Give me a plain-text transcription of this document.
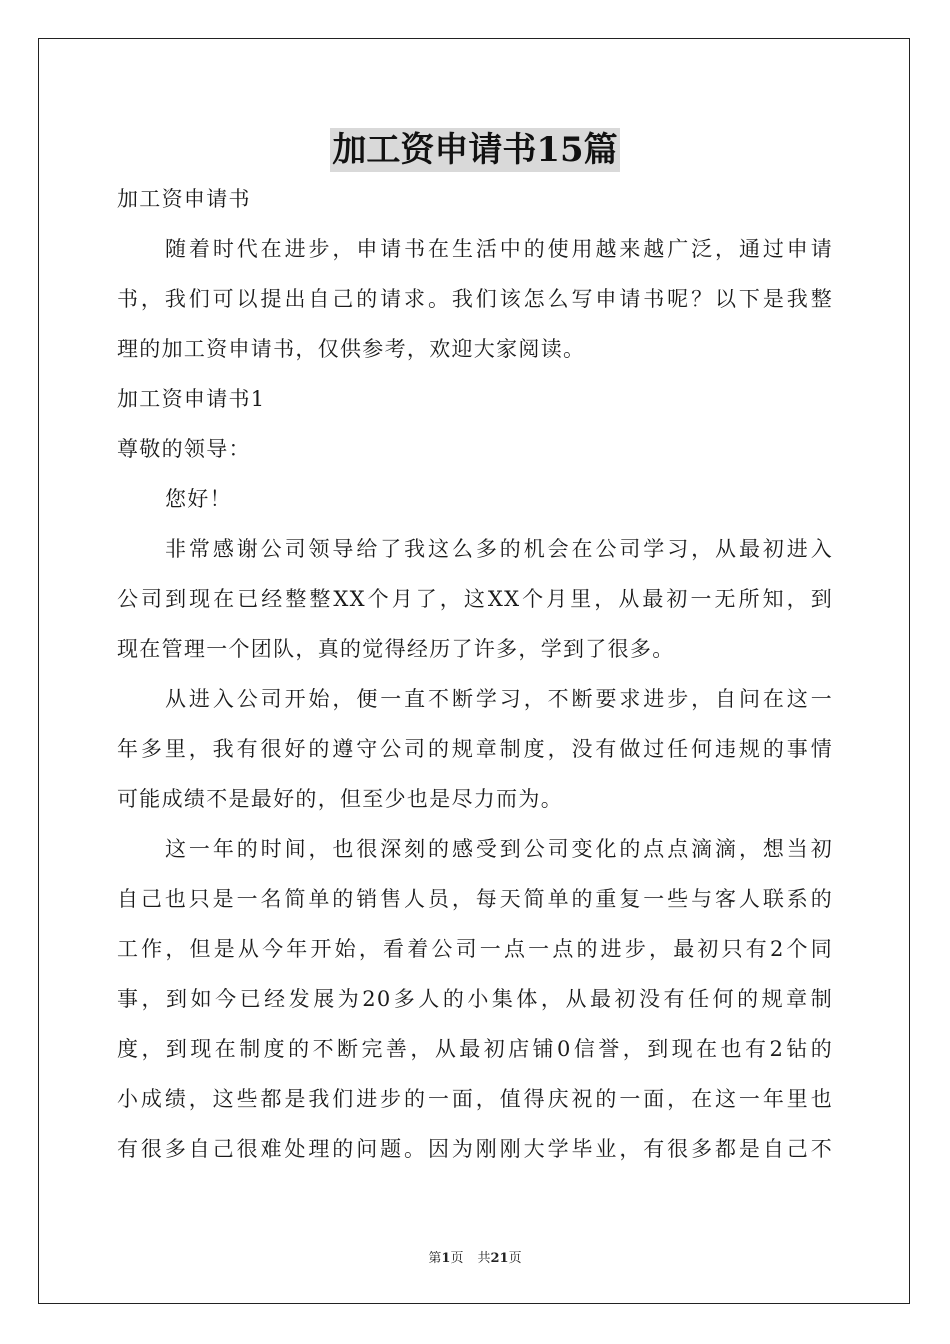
加工资申请书15篇
加工资申请书
随着时代在进步，申请书在生活中的使用越来越广泛，通过申请
书，我们可以提出自己的请求。我们该怎么写申请书呢？以下是我整
理的加工资申请书，仅供参考，欢迎大家阅读。
加工资申请书1
尊敬的领导：
您好！
非常感谢公司领导给了我这么多的机会在公司学习，从最初进入
公司到现在已经整整XX个月了，这XX个月里，从最初一无所知，到
现在管理一个团队，真的觉得经历了许多，学到了很多。
从进入公司开始，便一直不断学习，不断要求进步，自问在这一
年多里，我有很好的遵守公司的规章制度，没有做过任何违规的事情
可能成绩不是最好的，但至少也是尽力而为。
这一年的时间，也很深刻的感受到公司变化的点点滴滴，想当初
自己也只是一名简单的销售人员，每天简单的重复一些与客人联系的
工作，但是从今年开始，看着公司一点一点的进步，最初只有2个同
事，到如今已经发展为20多人的小集体，从最初没有任何的规章制
度，到现在制度的不断完善，从最初店铺0信誉，到现在也有2钻的
小成绩，这些都是我们进步的一面，值得庆祝的一面，在这一年里也
有很多自己很难处理的问题。因为刚刚大学毕业，有很多都是自己不
第1页 共21页
